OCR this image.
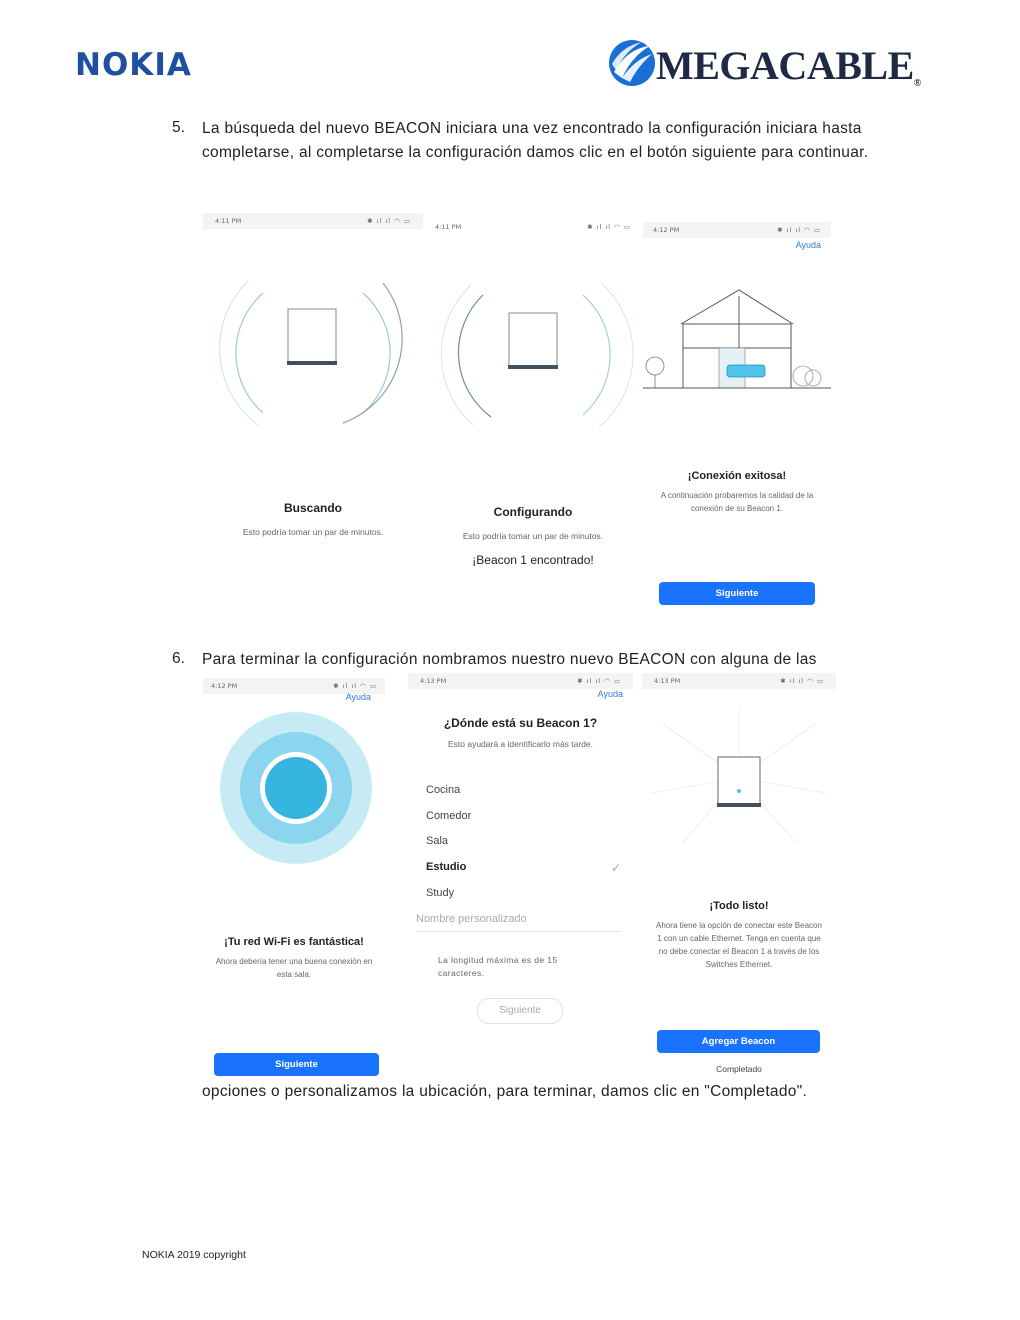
NOKIA	MEGACABLE®
5. La búsqueda del nuevo BEACON iniciara una vez encontrado la configuración iniciara hasta completarse, al completarse la configuración damos clic en el botón siguiente para continuar.
4:11 PM	✱ ıl ıl ◠ ▭
Buscando
Esto podría tomar un par de minutos.
4:11 PM	✱ ıl ıl ◠ ▭
Configurando
Esto podría tomar un par de minutos.
¡Beacon 1 encontrado!
4:12 PM	✱ ıl ıl ◠ ▭
Ayuda
¡Conexión exitosa!
A continuación probaremos la calidad de la conexión de su Beacon 1.
Siguiente
6. Para terminar la configuración nombramos nuestro nuevo BEACON con alguna de las
4:12 PM	✱ ıl ıl ◠ ▭
Ayuda
¡Tu red Wi-Fi es fantástica!
Ahora debería tener una buena conexión en esta sala.
Siguiente
4:13 PM	✱ ıl ıl ◠ ▭
Ayuda
¿Dónde está su Beacon 1?
Esto ayudará a identificarlo más tarde.
Cocina
Comedor
Sala
Estudio	✓
Study
Nombre personalizado
La longitud máxima es de 15 caracteres.
Siguiente
4:13 PM	✱ ıl ıl ◠ ▭
¡Todo listo!
Ahora tiene la opción de conectar este Beacon 1 con un cable Ethernet. Tenga en cuenta que no debe conectar el Beacon 1 a través de los Switches Ethernet.
Agregar Beacon
Completado
opciones o personalizamos la ubicación, para terminar, damos clic en "Completado".
NOKIA 2019 copyright
